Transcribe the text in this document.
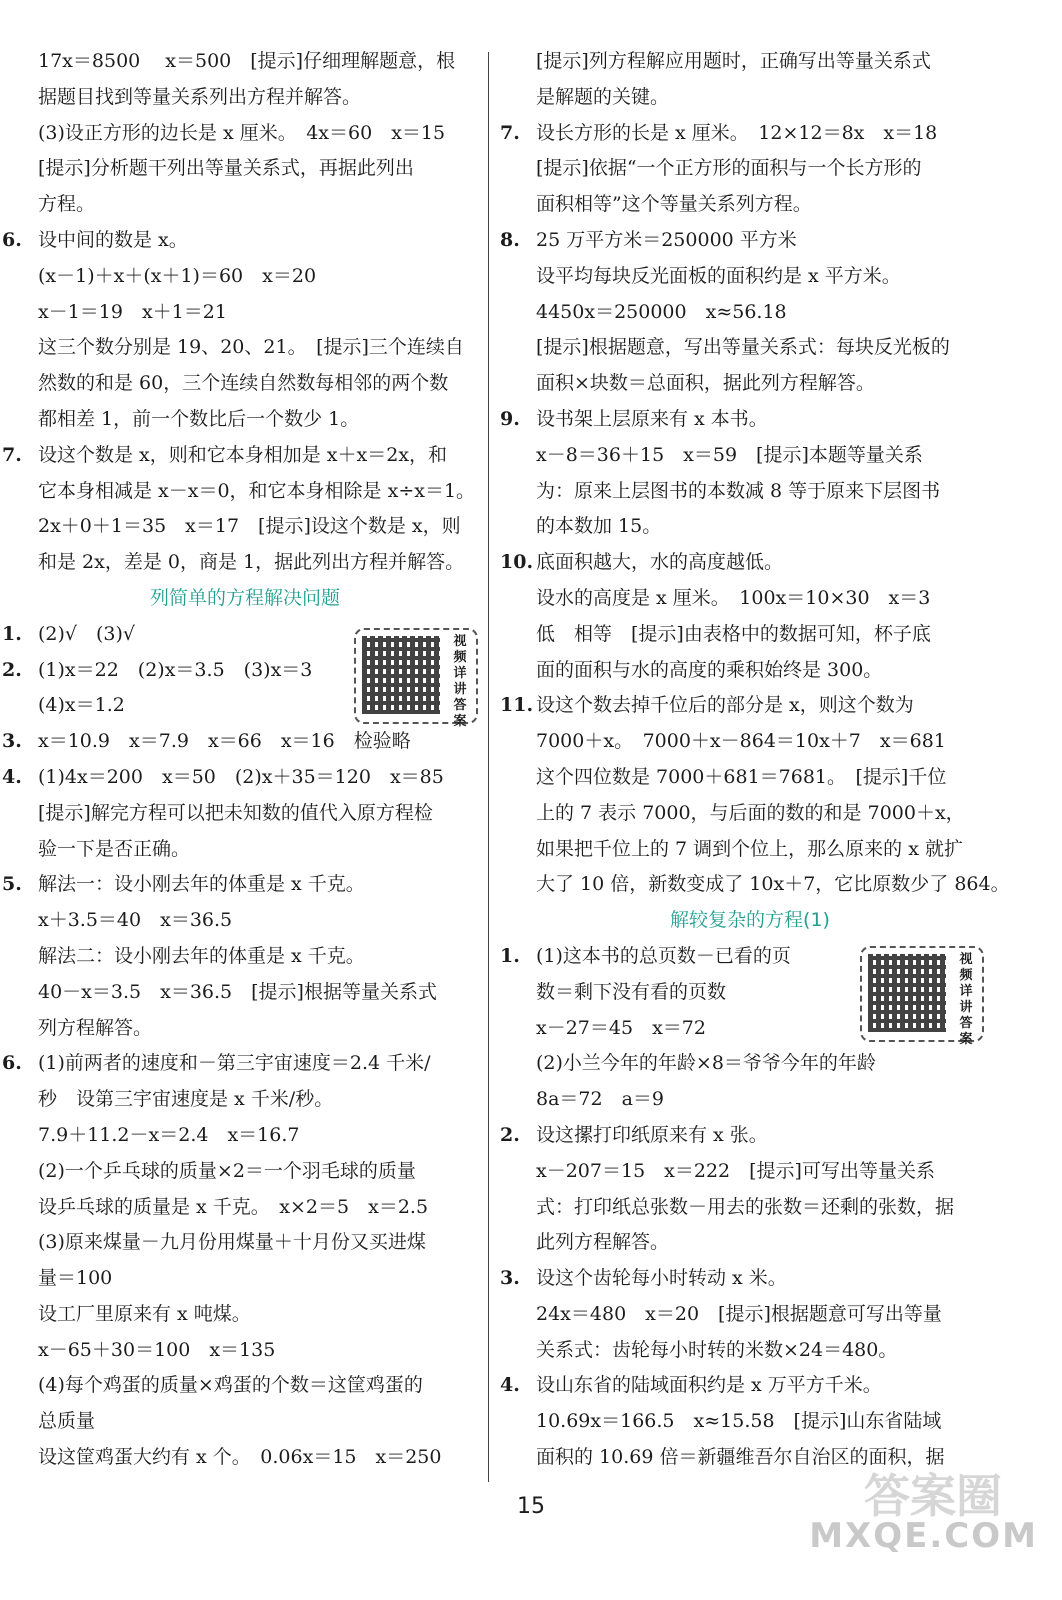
17x＝8500　 x＝500　[提示]仔细理解题意，根
据题目找到等量关系列出方程并解答。
(3)设正方形的边长是 x 厘米。　4x＝60　x＝15
[提示]分析题干列出等量关系式，再据此列出
方程。
6. 设中间的数是 x。
(x－1)＋x＋(x＋1)＝60　x＝20
x－1＝19　x＋1＝21
这三个数分别是 19、20、21。　[提示]三个连续自
然数的和是 60，三个连续自然数每相邻的两个数
都相差 1，前一个数比后一个数少 1。
7. 设这个数是 x，则和它本身相加是 x＋x＝2x，和
它本身相减是 x－x＝0，和它本身相除是 x÷x＝1。
2x＋0＋1＝35　x＝17　[提示]设这个数是 x，则
和是 2x，差是 0，商是 1，据此列出方程并解答。
列简单的方程解决问题
1. (2)√　(3)√
2. (1)x＝22　(2)x＝3.5　(3)x＝3
(4)x＝1.2
3. x＝10.9　x＝7.9　x＝66　x＝16　检验略
4. (1)4x＝200　x＝50　(2)x＋35＝120　x＝85
[提示]解完方程可以把未知数的值代入原方程检
验一下是否正确。
5. 解法一：设小刚去年的体重是 x 千克。
x＋3.5＝40　x＝36.5
解法二：设小刚去年的体重是 x 千克。
40－x＝3.5　x＝36.5　[提示]根据等量关系式
列方程解答。
6. (1)前两者的速度和－第三宇宙速度＝2.4 千米/
秒　设第三宇宙速度是 x 千米/秒。
7.9＋11.2－x＝2.4　x＝16.7
(2)一个乒乓球的质量×2＝一个羽毛球的质量
设乒乓球的质量是 x 千克。　x×2＝5　x＝2.5
(3)原来煤量－九月份用煤量＋十月份又买进煤
量＝100
设工厂里原来有 x 吨煤。
x－65＋30＝100　x＝135
(4)每个鸡蛋的质量×鸡蛋的个数＝这筐鸡蛋的
总质量
设这筐鸡蛋大约有 x 个。　0.06x＝15　x＝250
[提示]列方程解应用题时，正确写出等量关系式
是解题的关键。
7. 设长方形的长是 x 厘米。　12×12＝8x　x＝18
[提示]依据“一个正方形的面积与一个长方形的
面积相等”这个等量关系列方程。
8. 25 万平方米＝250000 平方米
设平均每块反光面板的面积约是 x 平方米。
4450x＝250000　x≈56.18
[提示]根据题意，写出等量关系式：每块反光板的
面积×块数＝总面积，据此列方程解答。
9. 设书架上层原来有 x 本书。
x－8＝36＋15　x＝59　[提示]本题等量关系
为：原来上层图书的本数减 8 等于原来下层图书
的本数加 15。
10. 底面积越大，水的高度越低。
设水的高度是 x 厘米。　100x＝10×30　x＝3
低　相等　[提示]由表格中的数据可知，杯子底
面的面积与水的高度的乘积始终是 300。
11. 设这个数去掉千位后的部分是 x，则这个数为
7000＋x。　7000＋x－864＝10x＋7　x＝681
这个四位数是 7000＋681＝7681。　[提示]千位
上的 7 表示 7000，与后面的数的和是 7000＋x，
如果把千位上的 7 调到个位上，那么原来的 x 就扩
大了 10 倍，新数变成了 10x＋7，它比原数少了 864。
解较复杂的方程(1)
1. (1)这本书的总页数－已看的页
数＝剩下没有看的页数
x－27＝45　x＝72
(2)小兰今年的年龄×8＝爷爷今年的年龄
8a＝72　a＝9
2. 设这摞打印纸原来有 x 张。
x－207＝15　x＝222　[提示]可写出等量关系
式：打印纸总张数－用去的张数＝还剩的张数，据
此列方程解答。
3. 设这个齿轮每小时转动 x 米。
24x＝480　x＝20　[提示]根据题意可写出等量
关系式：齿轮每小时转的米数×24＝480。
4. 设山东省的陆域面积约是 x 万平方千米。
10.69x＝166.5　x≈15.58　[提示]山东省陆域
面积的 10.69 倍＝新疆维吾尔自治区的面积，据
视频详讲答案
视频详讲答案
15	答案圈
MXQE.COM
